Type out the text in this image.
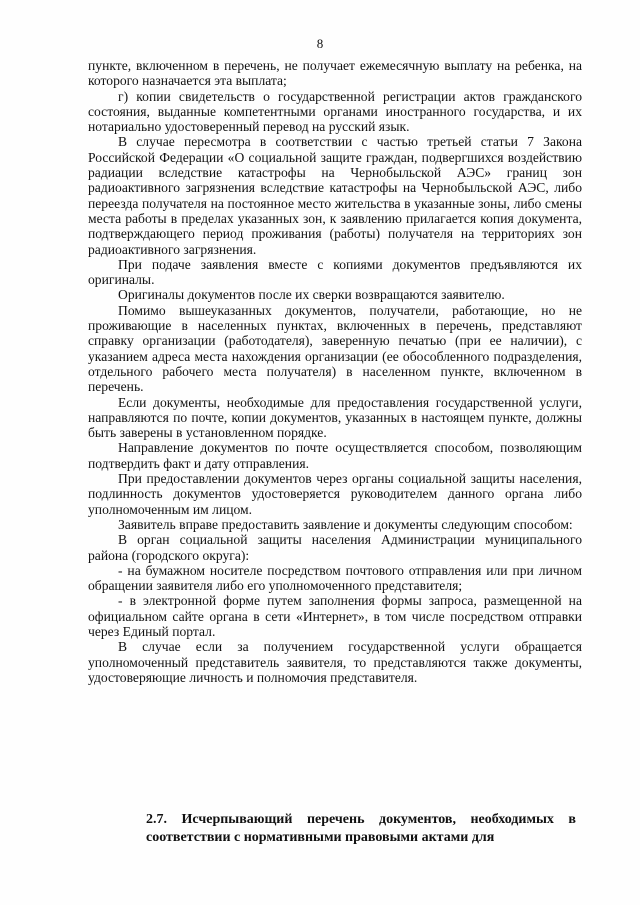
8

пункте, включенном в перечень, не получает ежемесячную выплату на ребенка, на которого назначается эта выплата;

г) копии свидетельств о государственной регистрации актов гражданского состояния, выданные компетентными органами иностранного государства, и их нотариально удостоверенный перевод на русский язык.

В случае пересмотра в соответствии с частью третьей статьи 7 Закона Российской Федерации «О социальной защите граждан, подвергшихся воздействию радиации вследствие катастрофы на Чернобыльской АЭС» границ зон радиоактивного загрязнения вследствие катастрофы на Чернобыльской АЭС, либо переезда получателя на постоянное место жительства в указанные зоны, либо смены места работы в пределах указанных зон, к заявлению прилагается копия документа, подтверждающего период проживания (работы) получателя на территориях зон радиоактивного загрязнения.

При подаче заявления вместе с копиями документов предъявляются их оригиналы.

Оригиналы документов после их сверки возвращаются заявителю.

Помимо вышеуказанных документов, получатели, работающие, но не проживающие в населенных пунктах, включенных в перечень, представляют справку организации (работодателя), заверенную печатью (при ее наличии), с указанием адреса места нахождения организации (ее обособленного подразделения, отдельного рабочего места получателя) в населенном пункте, включенном в перечень.

Если документы, необходимые для предоставления государственной услуги, направляются по почте, копии документов, указанных в настоящем пункте, должны быть заверены в установленном порядке.

Направление документов по почте осуществляется способом, позволяющим подтвердить факт и дату отправления.

При предоставлении документов через органы социальной защиты населения, подлинность документов удостоверяется руководителем данного органа либо уполномоченным им лицом.

Заявитель вправе предоставить заявление и документы следующим способом:

В орган социальной защиты населения Администрации муниципального района (городского округа):

- на бумажном носителе посредством почтового отправления или при личном обращении заявителя либо его уполномоченного представителя;

- в электронной форме путем заполнения формы запроса, размещенной на официальном сайте органа в сети «Интернет», в том числе посредством отправки через Единый портал.

В случае если за получением государственной услуги обращается уполномоченный представитель заявителя, то представляются также документы, удостоверяющие личность и полномочия представителя.

2.7. Исчерпывающий перечень документов, необходимых в соответствии с нормативными правовыми актами для
